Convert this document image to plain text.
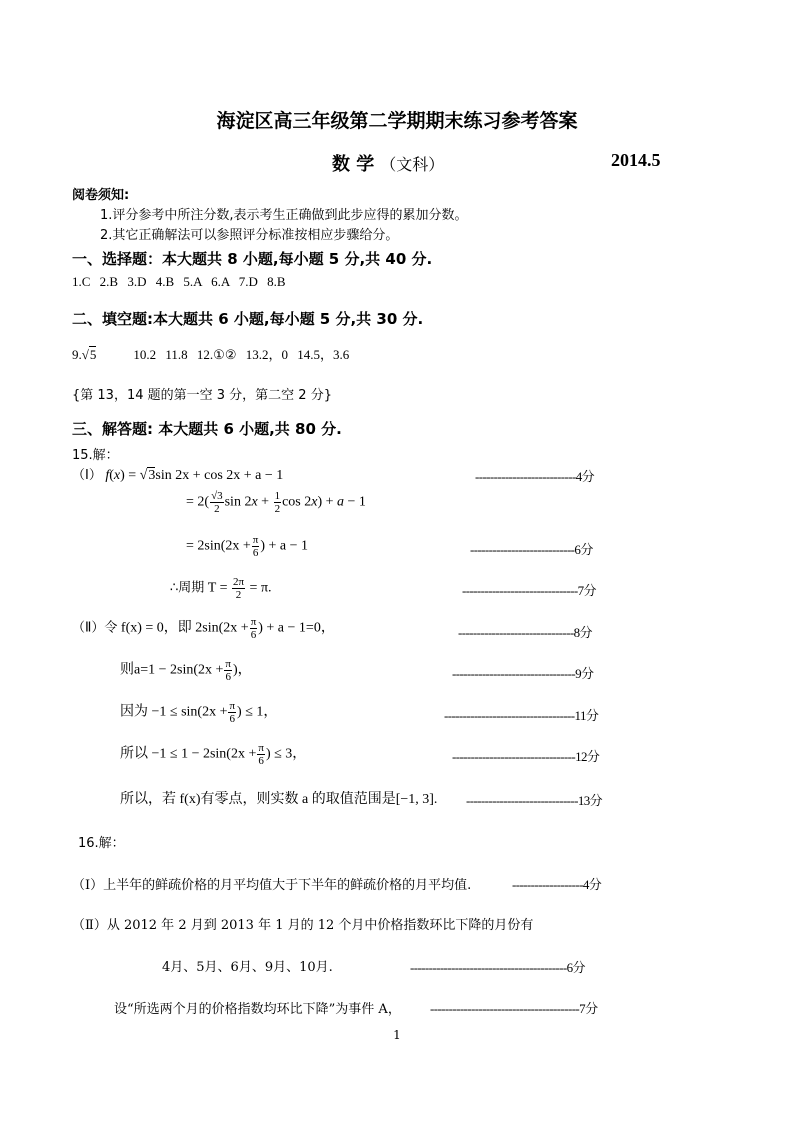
海淀区高三年级第二学期期末练习参考答案
数 学 （文科）	2014.5
阅卷须知:
1.评分参考中所注分数,表示考生正确做到此步应得的累加分数。
2.其它正确解法可以参照评分标准按相应步骤给分。
一、选择题：本大题共 8 小题,每小题 5 分,共 40 分.
1.C 2.B 3.D 4.B 5.A 6.A 7.D 8.B
二、填空题:本大题共 6 小题,每小题 5 分,共 30 分.
9.√5	10.2 11.8 12.①② 13.2，0 14.5，3.6
{第 13，14 题的第一空 3 分，第二空 2 分}
三、解答题: 本大题共 6 小题,共 80 分.
15.解：
（Ⅰ） f(x) = √3sin 2x + cos 2x + a − 1	---------------------------4分
= $2( \frac{√3}{2}$ $\sin 2x + \frac{1}{2}$ cos 2x) + a − 1
= $2\sin(2x + \frac{\pi}{6}$ ) + a − 1	----------------------------6分
∴周期 $T = \frac{2\pi}{2} = \pi$.	-------------------------------7分
（Ⅱ）令 f(x) = 0，即 $2\sin(2x + \frac{\pi}{6}$ ) + a − 1=0，	-------------------------------8分
则$a=1 - 2\sin(2x + \frac{\pi}{6}$ )，	---------------------------------9分
因为 $-1 \le \sin(2x + \frac{\pi}{6}$ ) ≤ 1，	-----------------------------------11分
所以 $-1 \le 1 - 2\sin(2x + \frac{\pi}{6}$ ) ≤ 3，	---------------------------------12分
所以，若 f(x)有零点，则实数 a 的取值范围是[−1, 3]. ------------------------------13分
16.解：
（Ⅰ）上半年的鲜疏价格的月平均值大于下半年的鲜疏价格的月平均值.	-------------------4分
（Ⅱ）从 2012 年 2 月到 2013 年 1 月的 12 个月中价格指数环比下降的月份有
4月、5月、6月、9月、10月.	------------------------------------------6分
设“所选两个月的价格指数均环比下降”为事件 A， ----------------------------------------7分
1
